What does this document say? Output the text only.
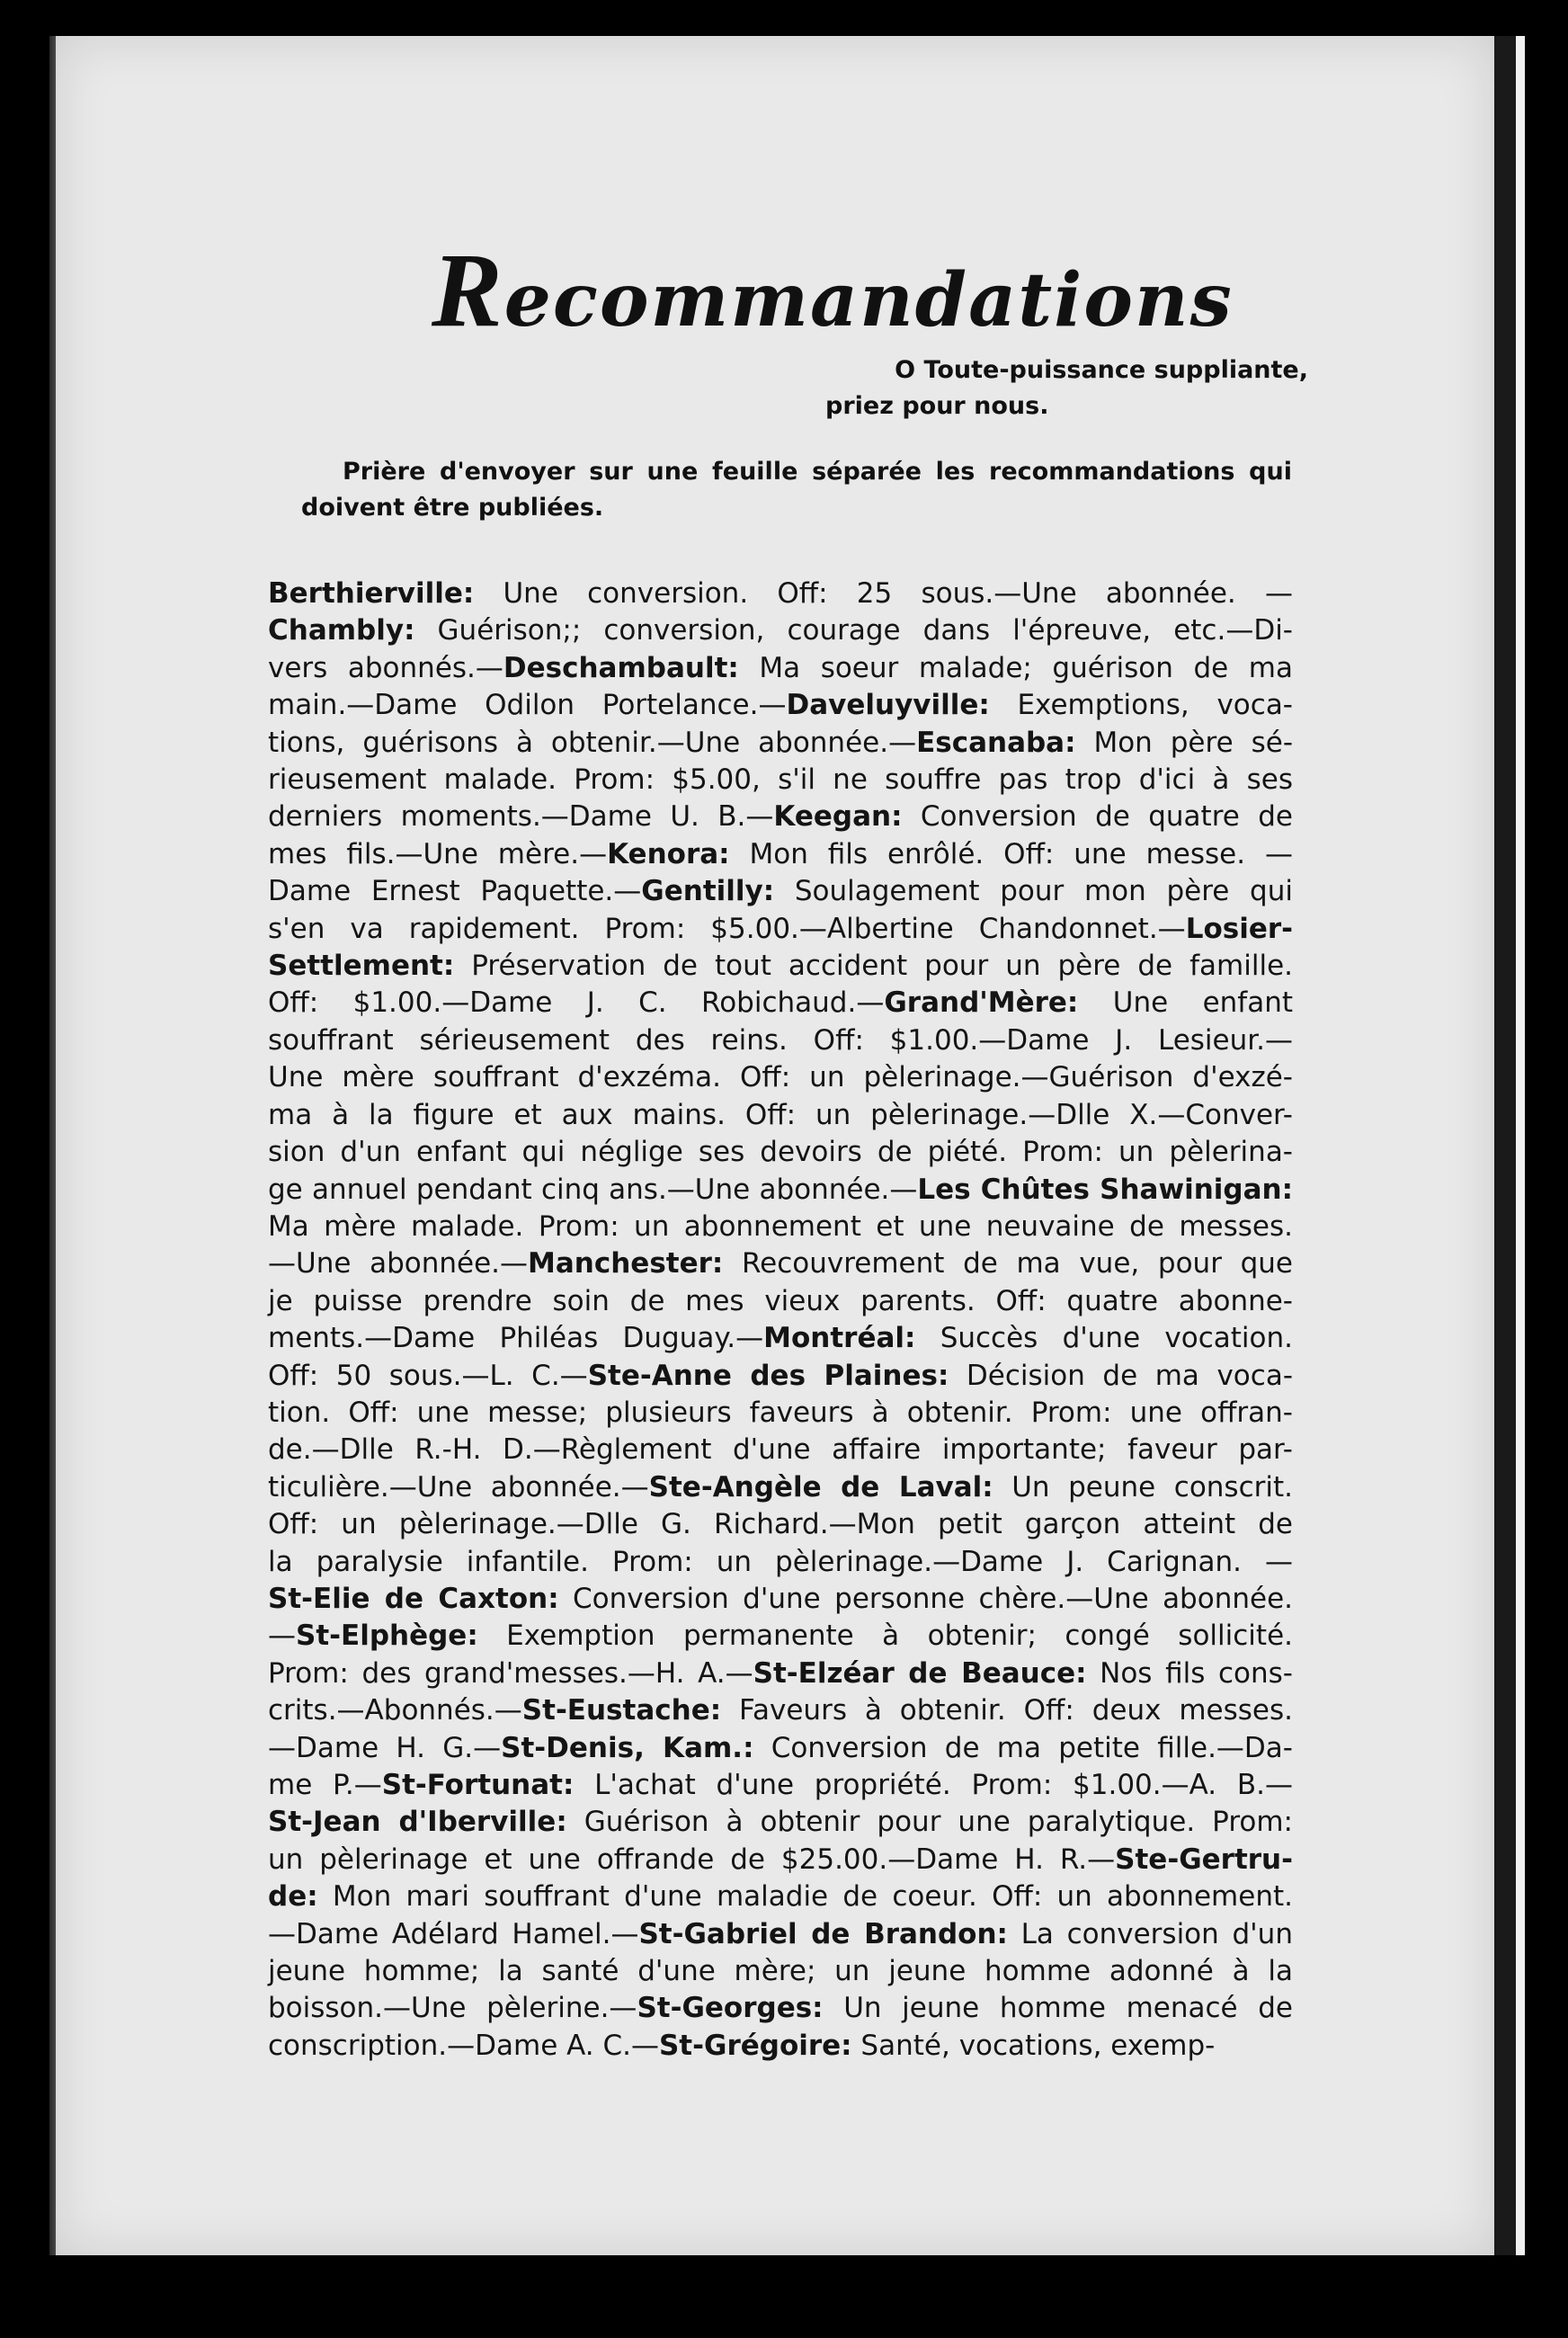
Recommandations
O Toute-puissance suppliante,
priez pour nous.

Prière d'envoyer sur une feuille séparée les recommandations qui doivent être publiées.

Berthierville: Une conversion. Off: 25 sous.—Une abonnée. —
Chambly: Guérison;; conversion, courage dans l'épreuve, etc.—Di-
vers abonnés.—Deschambault: Ma soeur malade; guérison de ma
main.—Dame Odilon Portelance.—Daveluyville: Exemptions, voca-
tions, guérisons à obtenir.—Une abonnée.—Escanaba: Mon père sé-
rieusement malade. Prom: $5.00, s'il ne souffre pas trop d'ici à ses
derniers moments.—Dame U. B.—Keegan: Conversion de quatre de
mes fils.—Une mère.—Kenora: Mon fils enrôlé. Off: une messe. —
Dame Ernest Paquette.—Gentilly: Soulagement pour mon père qui
s'en va rapidement. Prom: $5.00.—Albertine Chandonnet.—Losier-
Settlement: Préservation de tout accident pour un père de famille.
Off: $1.00.—Dame J. C. Robichaud.—Grand'Mère: Une enfant
souffrant sérieusement des reins. Off: $1.00.—Dame J. Lesieur.—
Une mère souffrant d'exzéma. Off: un pèlerinage.—Guérison d'exzé-
ma à la figure et aux mains. Off: un pèlerinage.—Dlle X.—Conver-
sion d'un enfant qui néglige ses devoirs de piété. Prom: un pèlerina-
ge annuel pendant cinq ans.—Une abonnée.—Les Chûtes Shawinigan:
Ma mère malade. Prom: un abonnement et une neuvaine de messes.
—Une abonnée.—Manchester: Recouvrement de ma vue, pour que
je puisse prendre soin de mes vieux parents. Off: quatre abonne-
ments.—Dame Philéas Duguay.—Montréal: Succès d'une vocation.
Off: 50 sous.—L. C.—Ste-Anne des Plaines: Décision de ma voca-
tion. Off: une messe; plusieurs faveurs à obtenir. Prom: une offran-
de.—Dlle R.-H. D.—Règlement d'une affaire importante; faveur par-
ticulière.—Une abonnée.—Ste-Angèle de Laval: Un peune conscrit.
Off: un pèlerinage.—Dlle G. Richard.—Mon petit garçon atteint de
la paralysie infantile. Prom: un pèlerinage.—Dame J. Carignan. —
St-Elie de Caxton: Conversion d'une personne chère.—Une abonnée.
—St-Elphège: Exemption permanente à obtenir; congé sollicité.
Prom: des grand'messes.—H. A.—St-Elzéar de Beauce: Nos fils cons-
crits.—Abonnés.—St-Eustache: Faveurs à obtenir. Off: deux messes.
—Dame H. G.—St-Denis, Kam.: Conversion de ma petite fille.—Da-
me P.—St-Fortunat: L'achat d'une propriété. Prom: $1.00.—A. B.—
St-Jean d'Iberville: Guérison à obtenir pour une paralytique. Prom:
un pèlerinage et une offrande de $25.00.—Dame H. R.—Ste-Gertru-
de: Mon mari souffrant d'une maladie de coeur. Off: un abonnement.
—Dame Adélard Hamel.—St-Gabriel de Brandon: La conversion d'un
jeune homme; la santé d'une mère; un jeune homme adonné à la
boisson.—Une pèlerine.—St-Georges: Un jeune homme menacé de
conscription.—Dame A. C.—St-Grégoire: Santé, vocations, exemp-
